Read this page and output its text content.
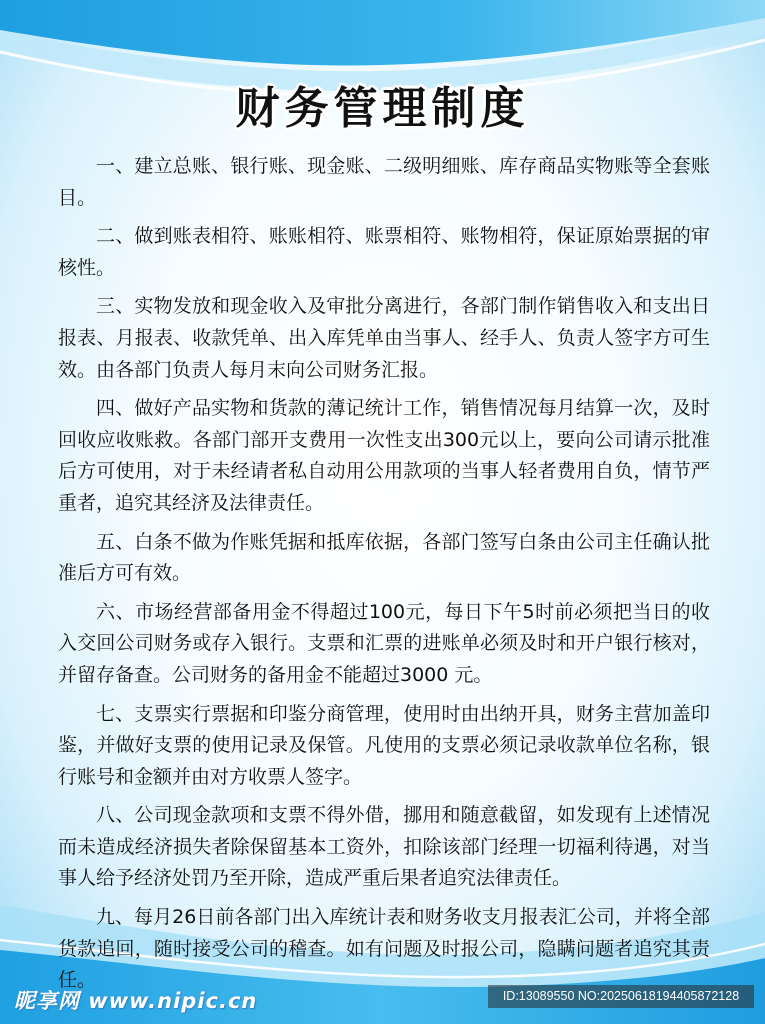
财务管理制度

一、建立总账、银行账、现金账、二级明细账、库存商品实物账等全套账目。

二、做到账表相符、账账相符、账票相符、账物相符，保证原始票据的审核性。

三、实物发放和现金收入及审批分离进行，各部门制作销售收入和支出日报表、月报表、收款凭单、出入库凭单由当事人、经手人、负责人签字方可生效。由各部门负责人每月末向公司财务汇报。

四、做好产品实物和货款的薄记统计工作，销售情况每月结算一次，及时回收应收账救。各部门部开支费用一次性支出300元以上，要向公司请示批准后方可使用，对于未经请者私自动用公用款项的当事人轻者费用自负，情节严重者，追究其经济及法律责任。

五、白条不做为作账凭据和抵库依据，各部门签写白条由公司主任确认批准后方可有效。

六、市场经营部备用金不得超过100元，每日下午5时前必须把当日的收入交回公司财务或存入银行。支票和汇票的进账单必须及时和开户银行核对，并留存备查。公司财务的备用金不能超过3000 元。

七、支票实行票据和印鉴分商管理，使用时由出纳开具，财务主营加盖印鉴，并做好支票的使用记录及保管。凡使用的支票必须记录收款单位名称，银行账号和金额并由对方收票人签字。

八、公司现金款项和支票不得外借，挪用和随意截留，如发现有上述情况而未造成经济损失者除保留基本工资外，扣除该部门经理一切福利待遇，对当事人给予经济处罚乃至开除，造成严重后果者追究法律责任。

九、每月26日前各部门出入库统计表和财务收支月报表汇公司，并将全部货款追回，随时接受公司的稽查。如有问题及时报公司，隐瞒问题者追究其责任。

昵享网 www.nipic.cn	ID:13089550 NO:20250618194405872128
